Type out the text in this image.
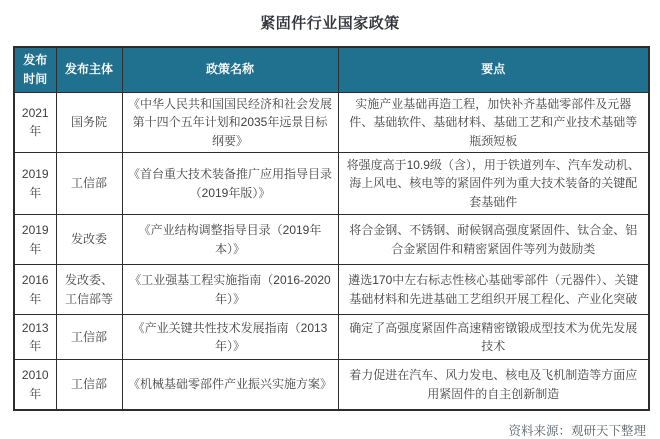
紧固件行业国家政策
发布时间	发布主体	政策名称	要点
2021年	国务院	《中华人民共和国国民经济和社会发展第十四个五年计划和2035年远景目标纲要》	实施产业基础再造工程，加快补齐基础零部件及元器件、基础软件、基础材料、基础工艺和产业技术基础等瓶颈短板
2019年	工信部	《首台重大技术装备推广应用指导目录（2019年版）》	将强度高于10.9级（含），用于铁道列车、汽车发动机、海上风电、核电等的紧固件列为重大技术装备的关键配套基础件
2019年	发改委	《产业结构调整指导目录（2019年本）》	将合金钢、不锈钢、耐候钢高强度紧固件、钛合金、铝合金紧固件和精密紧固件等列为鼓励类
2016年	发改委、工信部等	《工业强基工程实施指南（2016-2020年）》	遴选170中左右标志性核心基础零部件（元器件）、关键基础材料和先进基础工艺组织开展工程化、产业化突破
2013年	工信部	《产业关键共性技术发展指南（2013年）》	确定了高强度紧固件高速精密镦锻成型技术为优先发展技术
2010年	工信部	《机械基础零部件产业振兴实施方案》	着力促进在汽车、风力发电、核电及飞机制造等方面应用紧固件的自主创新制造
资料来源：观研天下整理
